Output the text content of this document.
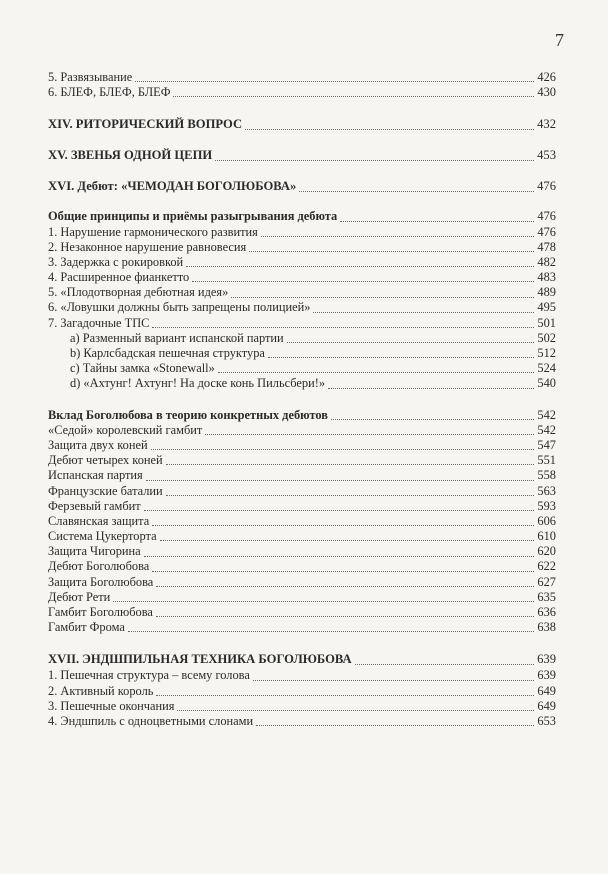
7
5. Развязывание	426
6. БЛЕФ, БЛЕФ, БЛЕФ	430
XIV. РИТОРИЧЕСКИЙ ВОПРОС	432
XV. ЗВЕНЬЯ ОДНОЙ ЦЕПИ	453
XVI. Дебют: «ЧЕМОДАН БОГОЛЮБОВА»	476
Общие принципы и приёмы разыгрывания дебюта	476
1. Нарушение гармонического развития	476
2. Незаконное нарушение равновесия	478
3. Задержка с рокировкой	482
4. Расширенное фианкетто	483
5. «Плодотворная дебютная идея»	489
6. «Ловушки должны быть запрещены полицией»	495
7. Загадочные ТПС	501
a) Разменный вариант испанской партии	502
b) Карлсбадская пешечная структура	512
c) Тайны замка «Stonewall»	524
d) «Ахтунг! Ахтунг! На доске конь Пильсбери!»	540
Вклад Боголюбова в теорию конкретных дебютов	542
«Седой» королевский гамбит	542
Защита двух коней	547
Дебют четырех коней	551
Испанская партия	558
Французские баталии	563
Ферзевый гамбит	593
Славянская защита	606
Система Цукерторта	610
Защита Чигорина	620
Дебют Боголюбова	622
Защита Боголюбова	627
Дебют Рети	635
Гамбит Боголюбова	636
Гамбит Фрома	638
XVII. ЭНДШПИЛЬНАЯ ТЕХНИКА БОГОЛЮБОВА	639
1. Пешечная структура – всему голова	639
2. Активный король	649
3. Пешечные окончания	649
4. Эндшпиль с одноцветными слонами	653
